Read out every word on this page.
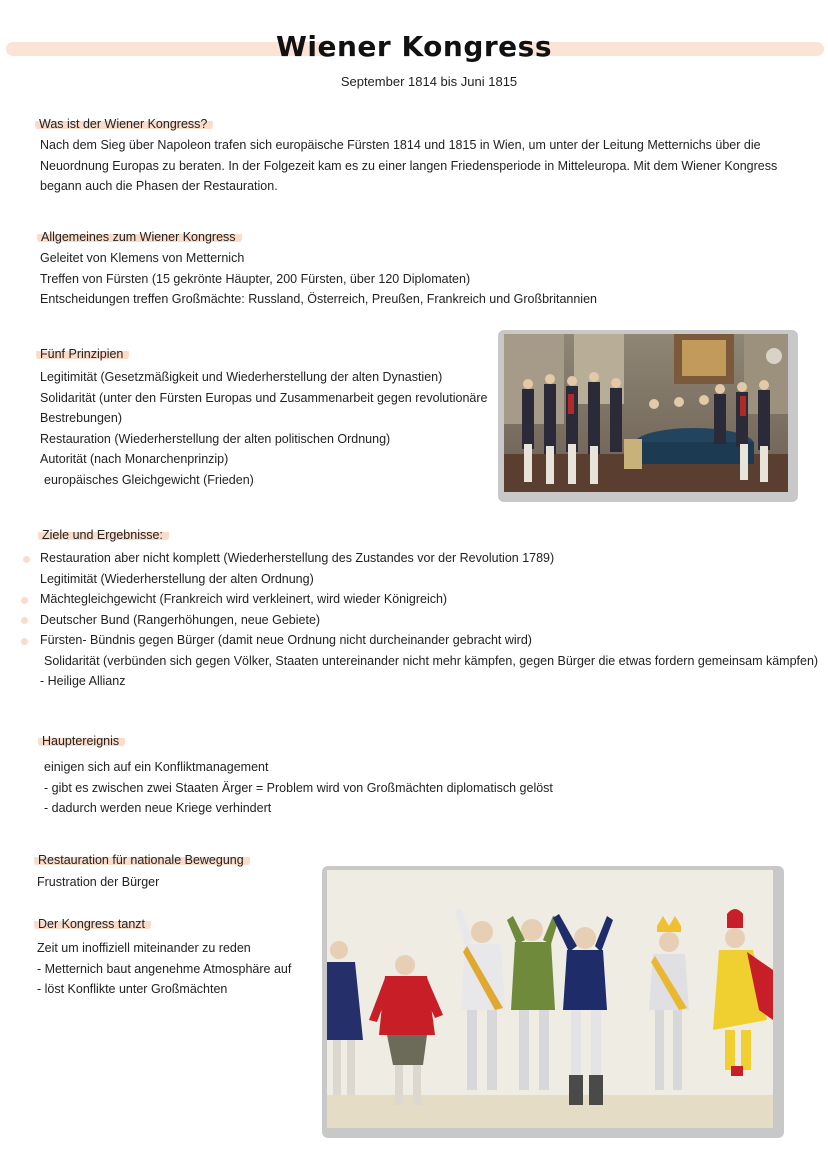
Wiener Kongress
September 1814 bis Juni 1815
Was ist der Wiener Kongress?
Nach dem Sieg über Napoleon trafen sich europäische Fürsten 1814 und 1815 in Wien, um unter der Leitung Metternichs über die Neuordnung Europas zu beraten. In der Folgezeit kam es zu einer langen Friedensperiode in Mitteleuropa. Mit dem Wiener Kongress begann auch die Phasen der Restauration.
Allgemeines zum Wiener Kongress
Geleitet von Klemens von Metternich
Treffen von Fürsten (15 gekrönte Häupter, 200 Fürsten, über 120 Diplomaten)
Entscheidungen treffen Großmächte: Russland, Österreich, Preußen, Frankreich und Großbritannien
Fünf Prinzipien
Legitimität (Gesetzmäßigkeit und Wiederherstellung der alten Dynastien)
Solidarität (unter den Fürsten Europas und Zusammenarbeit gegen revolutionäre
Bestrebungen)
Restauration (Wiederherstellung der alten politischen Ordnung)
Autorität (nach Monarchenprinzip)
europäisches Gleichgewicht (Frieden)
Ziele und Ergebnisse:
Restauration aber nicht komplett (Wiederherstellung des Zustandes vor der Revolution 1789)
Legitimität (Wiederherstellung der alten Ordnung)
Mächtegleichgewicht (Frankreich wird verkleinert, wird wieder Königreich)
Deutscher Bund (Rangerhöhungen, neue Gebiete)
Fürsten- Bündnis gegen Bürger (damit neue Ordnung nicht durcheinander gebracht wird)
Solidarität (verbünden sich gegen Völker, Staaten untereinander nicht mehr kämpfen, gegen Bürger die etwas fordern gemeinsam kämpfen)
- Heilige Allianz
Hauptereignis
einigen sich auf ein Konfliktmanagement
- gibt es zwischen zwei Staaten Ärger = Problem wird von Großmächten diplomatisch gelöst
- dadurch werden neue Kriege verhindert
Restauration für nationale Bewegung
Frustration der Bürger
Der Kongress tanzt
Zeit um inoffiziell miteinander zu reden
- Metternich baut angenehme Atmosphäre auf
- löst Konflikte unter Großmächten
